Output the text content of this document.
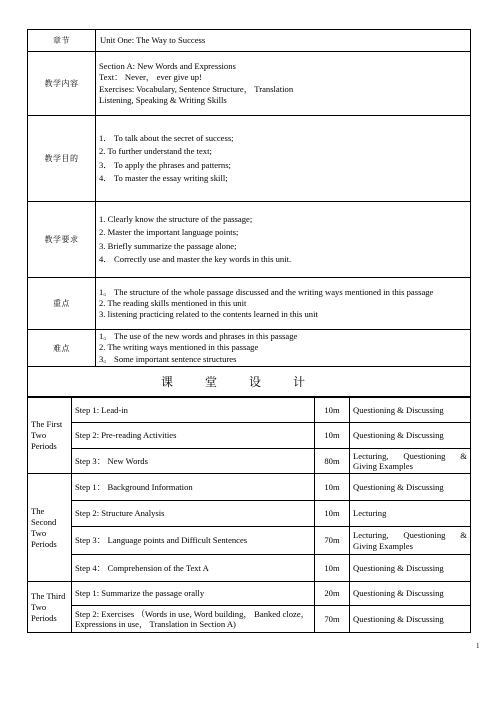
章节	Unit One: The Way to Success
教学内容	Section A: New Words and Expressions
Text： Never， ever give up!
Exercises: Vocabulary, Sentence Structure， Translation
Listening, Speaking & Writing Skills

教学目的	1． To talk about the secret of success;
2. To further understand the text;
3． To apply the phrases and patterns;
4． To master the essay writing skill;

教学要求	1. Clearly know the structure of the passage;
2. Master the important language points;
3. Briefly summarize the passage alone;
4． Correctly use and master the key words in this unit.

重点	1。 The structure of the whole passage discussed and the writing ways mentioned in this passage
2. The reading skills mentioned in this unit
3. listening practicing related to the contents learned in this unit

难点	1。 The use of the new words and phrases in this passage
2. The writing ways mentioned in this passage
3。 Some important sentence structures

课堂设计	
The First Two Periods	Step 1: Lead-in	10m	Questioning & Discussing
	Step 2: Pre-reading Activities	10m	Questioning & Discussing
	Step 3： New Words	80m	Lecturing, Questioning & Giving Examples
The Second Two Periods	Step 1： Background Information	10m	Questioning & Discussing
	Step 2: Structure Analysis	10m	Lecturing
	Step 3： Language points and Difficult Sentences	70m	Lecturing, Questioning & Giving Examples
	Step 4： Comprehension of the Text A	10m	Questioning & Discussing
The Third Two Periods	Step 1: Summarize the passage orally	20m	Questioning & Discussing
	Step 2: Exercises （Words in use, Word building， Banked cloze， Expressions in use， Translation in Section A)	70m	Questioning & Discussing
1
